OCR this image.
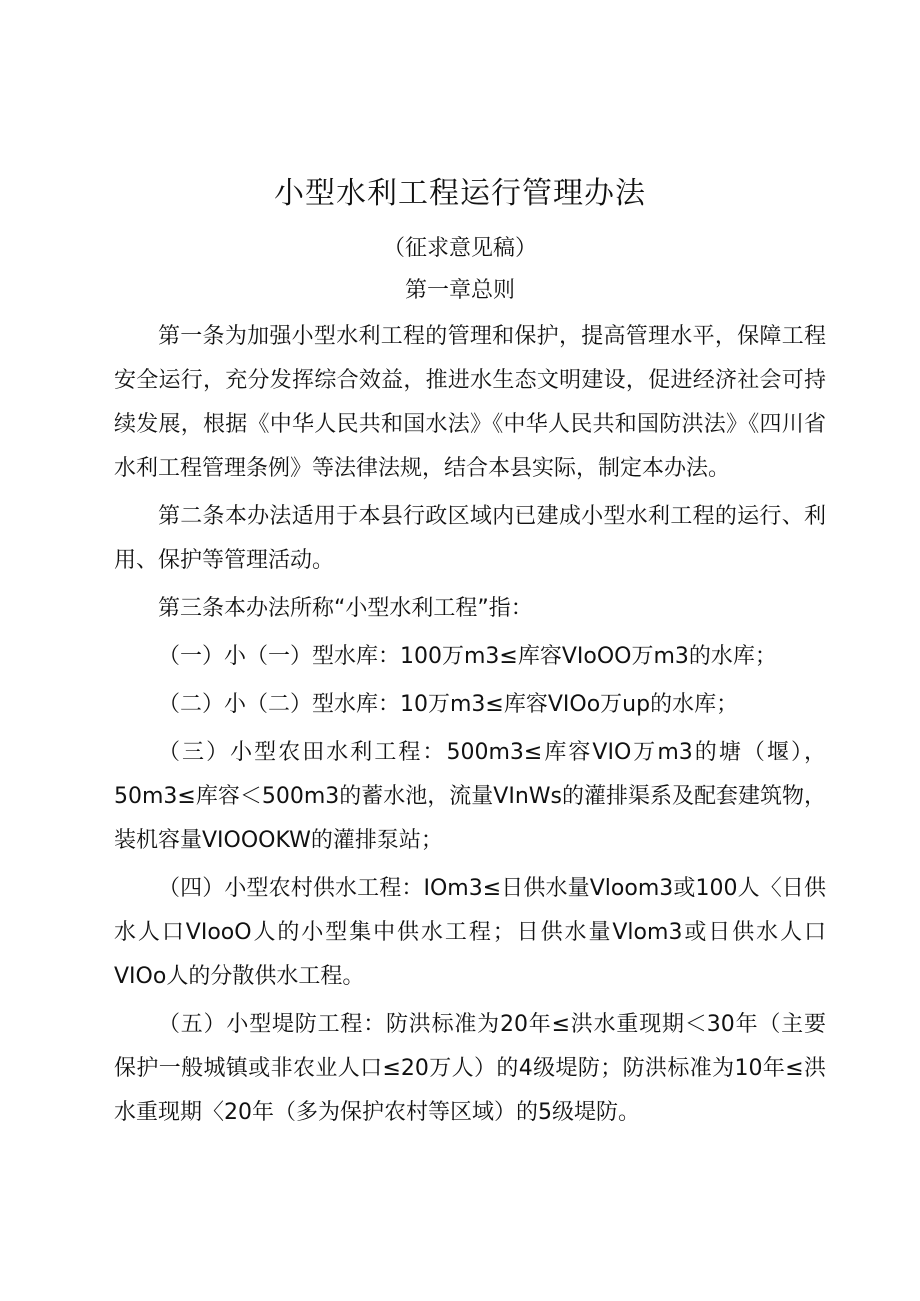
小型水利工程运行管理办法
（征求意见稿）
第一章总则

第一条为加强小型水利工程的管理和保护，提高管理水平，保障工程安全运行，充分发挥综合效益，推进水生态文明建设，促进经济社会可持续发展，根据《中华人民共和国水法》《中华人民共和国防洪法》《四川省水利工程管理条例》等法律法规，结合本县实际，制定本办法。

第二条本办法适用于本县行政区域内已建成小型水利工程的运行、利用、保护等管理活动。

第三条本办法所称“小型水利工程”指：

（一）小（一）型水库：100万m3≤库容VIoOO万m3的水库；

（二）小（二）型水库：10万m3≤库容VIOo万up的水库；

（三）小型农田水利工程：500m3≤库容VIO万m3的塘（堰），50m3≤库容＜500m3的蓄水池，流量VInWs的灌排渠系及配套建筑物，装机容量VIOOOKW的灌排泵站；

（四）小型农村供水工程：IOm3≤日供水量Vloom3或100人〈日供水人口VIooO人的小型集中供水工程；日供水量Vlom3或日供水人口VIOo人的分散供水工程。

（五）小型堤防工程：防洪标准为20年≤洪水重现期＜30年（主要保护一般城镇或非农业人口≤20万人）的4级堤防；防洪标准为10年≤洪水重现期〈20年（多为保护农村等区域）的5级堤防。
